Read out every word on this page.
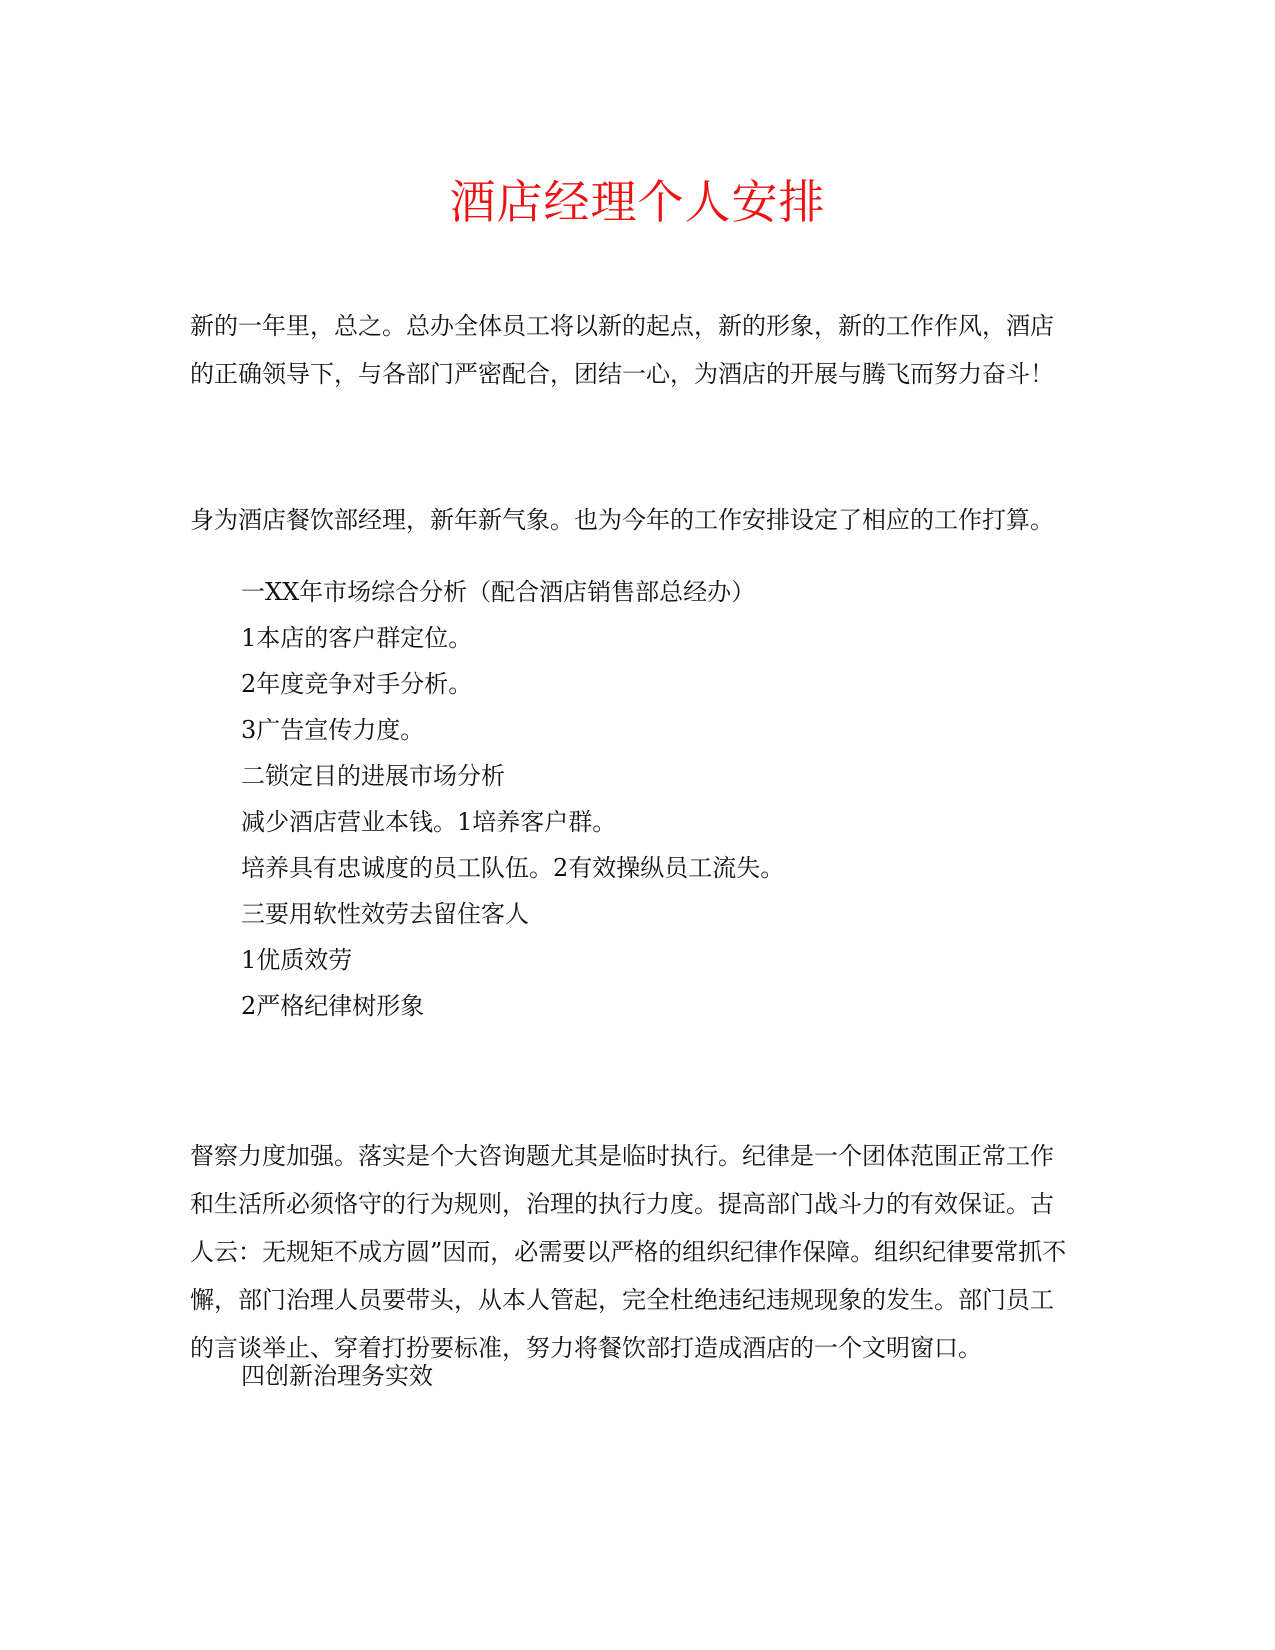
酒店经理个人安排

新的一年里，总之。总办全体员工将以新的起点，新的形象，新的工作作风，酒店的正确领导下，与各部门严密配合，团结一心，为酒店的开展与腾飞而努力奋斗！

身为酒店餐饮部经理，新年新气象。也为今年的工作安排设定了相应的工作打算。

一XX年市场综合分析（配合酒店销售部总经办）

1本店的客户群定位。

2年度竞争对手分析。

3广告宣传力度。

二锁定目的进展市场分析

减少酒店营业本钱。1培养客户群。

培养具有忠诚度的员工队伍。2有效操纵员工流失。

三要用软性效劳去留住客人

1优质效劳

2严格纪律树形象

督察力度加强。落实是个大咨询题尤其是临时执行。纪律是一个团体范围正常工作和生活所必须恪守的行为规则，治理的执行力度。提高部门战斗力的有效保证。古人云：无规矩不成方圆”因而，必需要以严格的组织纪律作保障。组织纪律要常抓不懈，部门治理人员要带头，从本人管起，完全杜绝违纪违规现象的发生。部门员工的言谈举止、穿着打扮要标准，努力将餐饮部打造成酒店的一个文明窗口。

四创新治理务实效
